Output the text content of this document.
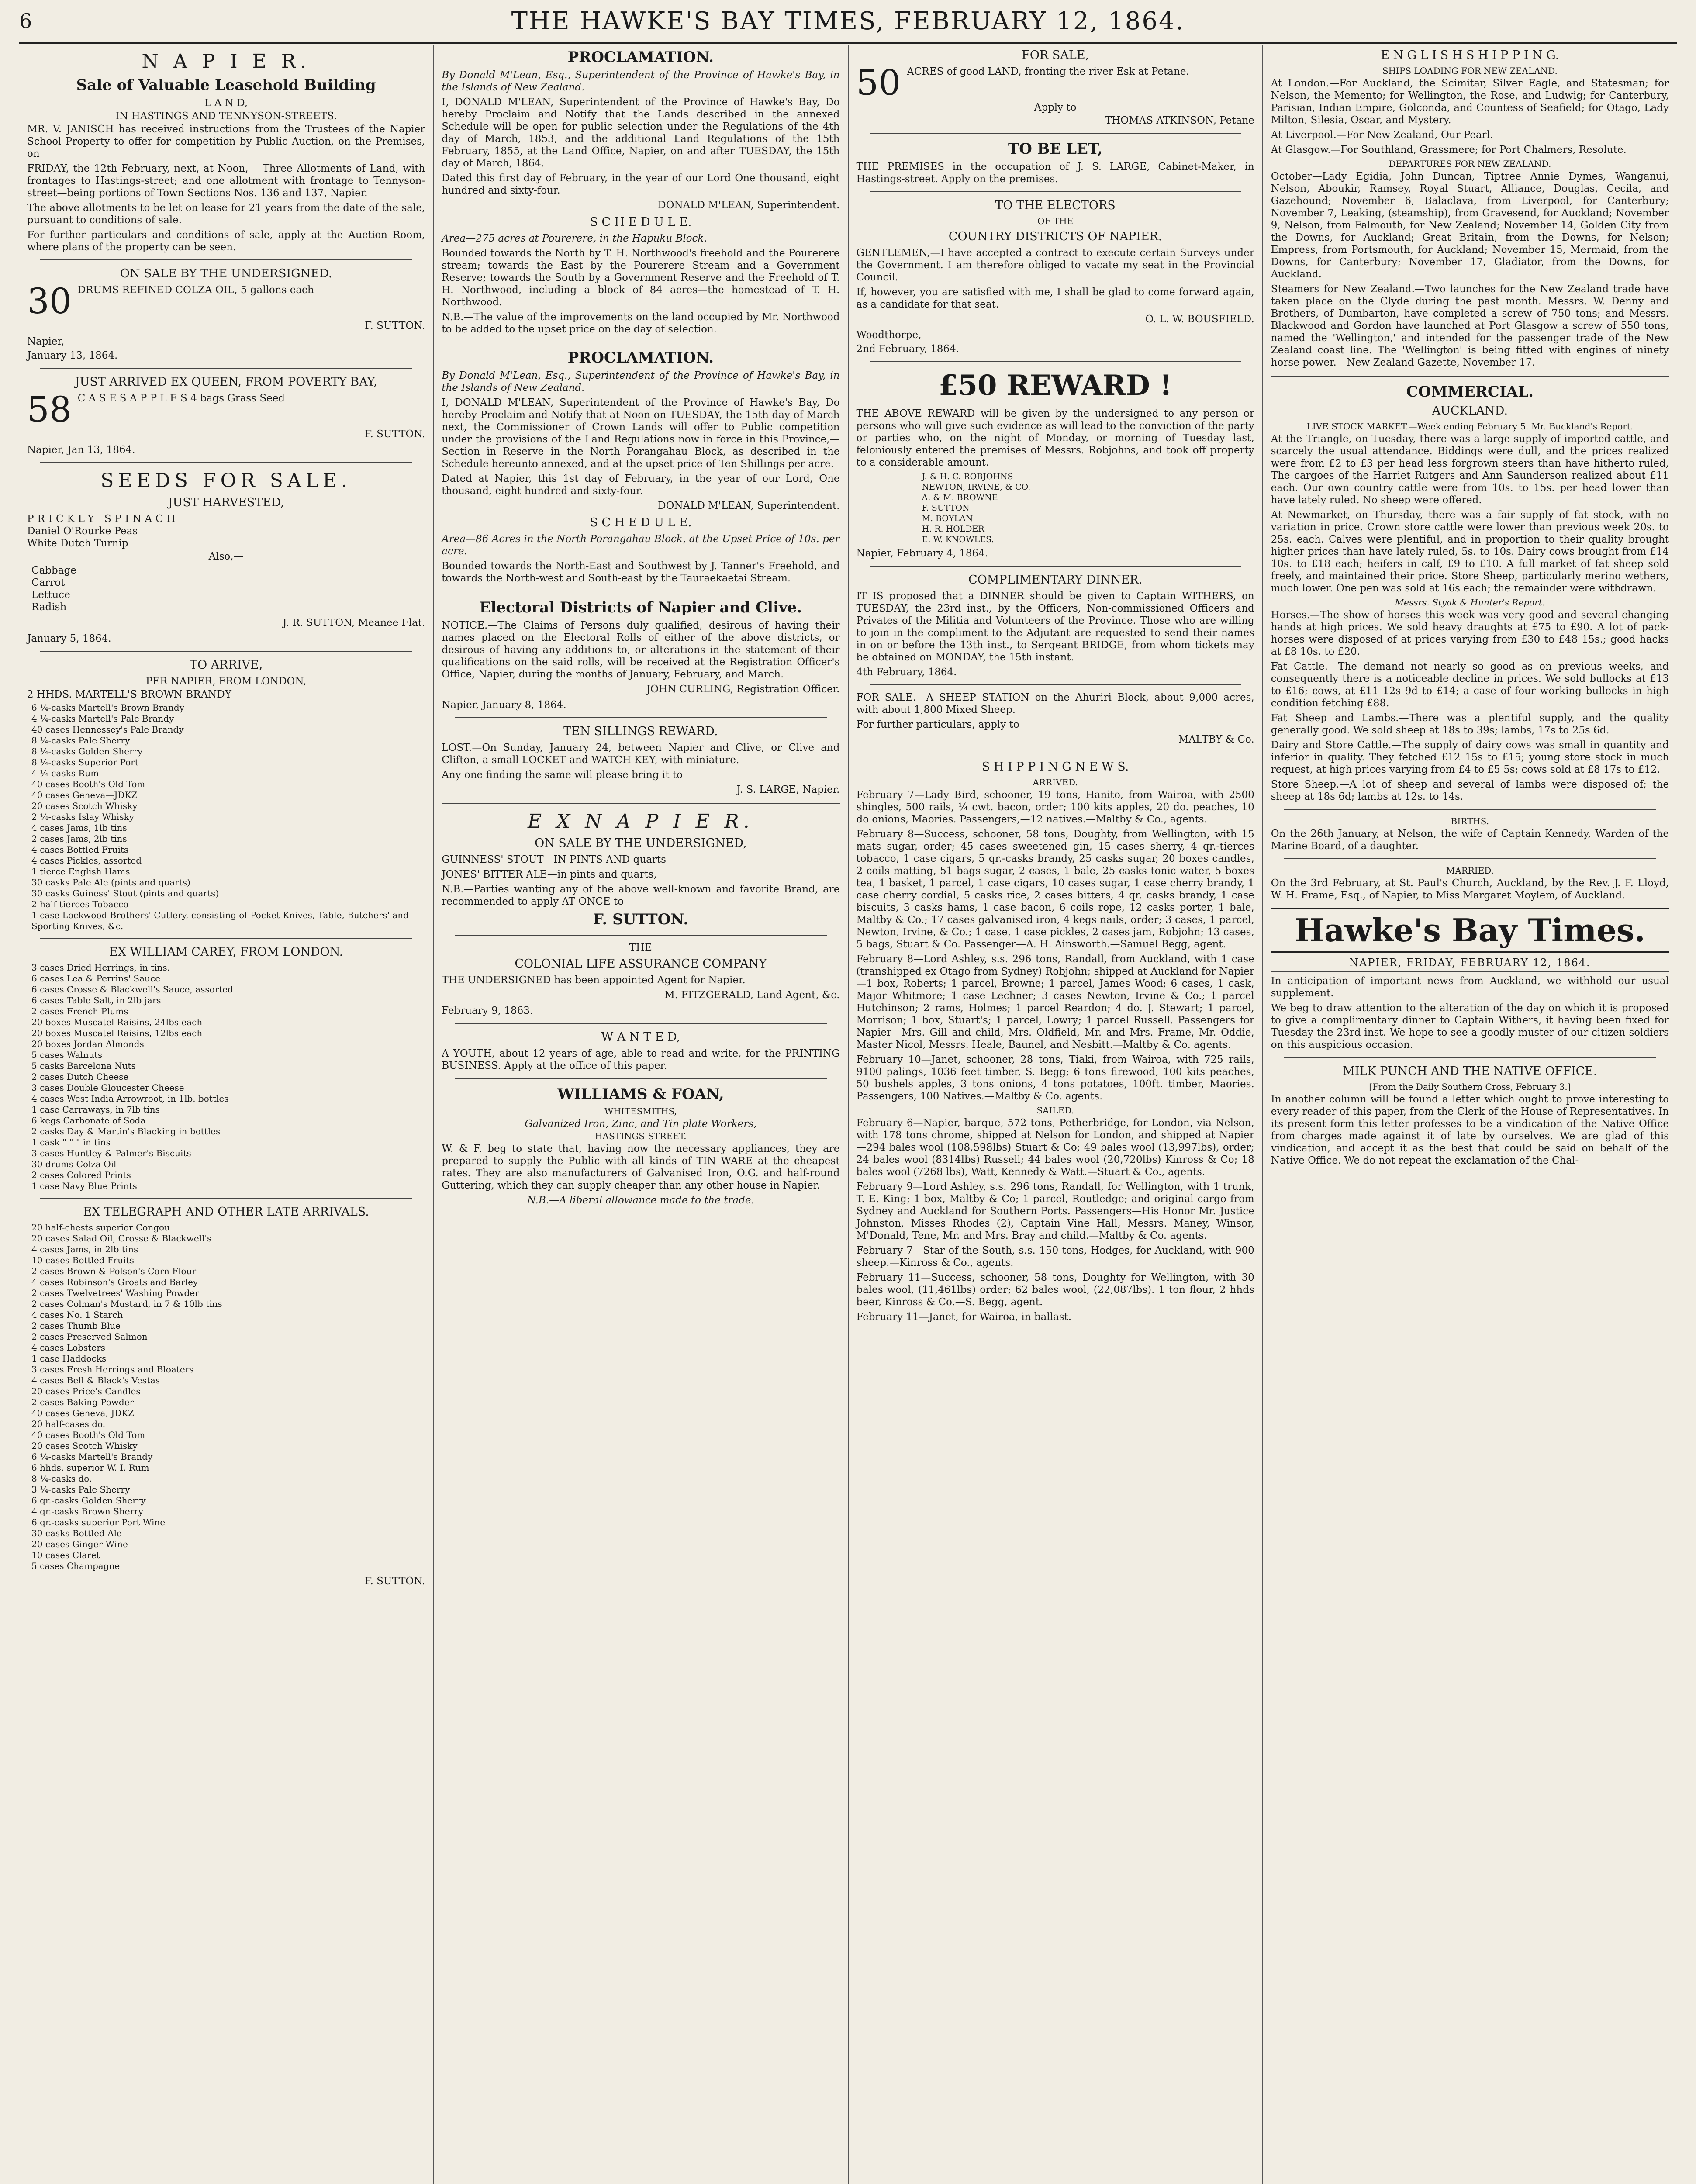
6	THE HAWKE'S BAY TIMES, FEBRUARY 12, 1864.
N A P I E R.
Sale of Valuable Leasehold Building
L A N D,
IN HASTINGS AND TENNYSON-STREETS.

MR. V. JANISCH has received instructions from the Trustees of the Napier School Property to offer for competition by Public Auction, on the Premises, on

FRIDAY, the 12th February, next, at Noon,— Three Allotments of Land, with frontages to Hastings-street; and one allotment with frontage to Tennyson-street—being portions of Town Sections Nos. 136 and 137, Napier.

The above allotments to be let on lease for 21 years from the date of the sale, pursuant to conditions of sale.

For further particulars and conditions of sale, apply at the Auction Room, where plans of the property can be seen.

ON SALE BY THE UNDERSIGNED.
30 DRUMS REFINED COLZA OIL, 5 gallons each

F. SUTTON.
Napier,
January 13, 1864.
JUST ARRIVED EX QUEEN, FROM POVERTY BAY,
58 C A S E S A P P L E S 4 bags Grass Seed

F. SUTTON.
Napier, Jan 13, 1864.
SEEDS FOR SALE.
JUST HARVESTED,
PRICKLY SPINACH
Daniel O'Rourke Peas
White Dutch Turnip
Also,—
Cabbage
Carrot
Lettuce
Radish
J. R. SUTTON, Meanee Flat.
January 5, 1864.
TO ARRIVE,
PER NAPIER, FROM LONDON,
2 HHDS. MARTELL'S BROWN BRANDY
6 ¼-casks Martell's Brown Brandy
4 ¼-casks Martell's Pale Brandy
40 cases Hennessey's Pale Brandy
8 ¼-casks Pale Sherry
8 ¼-casks Golden Sherry
8 ¼-casks Superior Port
4 ¼-casks Rum
40 cases Booth's Old Tom
40 cases Geneva—JDKZ
20 cases Scotch Whisky
2 ¼-casks Islay Whisky
4 cases Jams, 1lb tins
2 cases Jams, 2lb tins
4 cases Bottled Fruits
4 cases Pickles, assorted
1 tierce English Hams
30 casks Pale Ale (pints and quarts)
30 casks Guiness' Stout (pints and quarts)
2 half-tierces Tobacco
1 case Lockwood Brothers' Cutlery, consisting of Pocket Knives, Table, Butchers' and Sporting Knives, &c.
EX WILLIAM CAREY, FROM LONDON.
3 cases Dried Herrings, in tins.
6 cases Lea & Perrins' Sauce
6 cases Crosse & Blackwell's Sauce, assorted
6 cases Table Salt, in 2lb jars
2 cases French Plums
20 boxes Muscatel Raisins, 24lbs each
20 boxes Muscatel Raisins, 12lbs each
20 boxes Jordan Almonds
5 cases Walnuts
5 casks Barcelona Nuts
2 cases Dutch Cheese
3 cases Double Gloucester Cheese
4 cases West India Arrowroot, in 1lb. bottles
1 case Carraways, in 7lb tins
6 kegs Carbonate of Soda
2 casks Day & Martin's Blacking in bottles
1 cask " " " in tins
3 cases Huntley & Palmer's Biscuits
30 drums Colza Oil
2 cases Colored Prints
1 case Navy Blue Prints
EX TELEGRAPH AND OTHER LATE ARRIVALS.
20 half-chests superior Congou
20 cases Salad Oil, Crosse & Blackwell's
4 cases Jams, in 2lb tins
10 cases Bottled Fruits
2 cases Brown & Polson's Corn Flour
4 cases Robinson's Groats and Barley
2 cases Twelvetrees' Washing Powder
2 cases Colman's Mustard, in 7 & 10lb tins
4 cases No. 1 Starch
2 cases Thumb Blue
2 cases Preserved Salmon
4 cases Lobsters
1 case Haddocks
3 cases Fresh Herrings and Bloaters
4 cases Bell & Black's Vestas
20 cases Price's Candles
2 cases Baking Powder
40 cases Geneva, JDKZ
20 half-cases do.
40 cases Booth's Old Tom
20 cases Scotch Whisky
6 ¼-casks Martell's Brandy
6 hhds. superior W. I. Rum
8 ¼-casks do.
3 ¼-casks Pale Sherry
6 qr.-casks Golden Sherry
4 qr.-casks Brown Sherry
6 qr.-casks superior Port Wine
30 casks Bottled Ale
20 cases Ginger Wine
10 cases Claret
5 cases Champagne
F. SUTTON.
PROCLAMATION.

By Donald M'Lean, Esq., Superintendent of the Province of Hawke's Bay, in the Islands of New Zealand.

I, DONALD M'LEAN, Superintendent of the Province of Hawke's Bay, Do hereby Proclaim and Notify that the Lands described in the annexed Schedule will be open for public selection under the Regulations of the 4th day of March, 1853, and the additional Land Regulations of the 15th February, 1855, at the Land Office, Napier, on and after TUESDAY, the 15th day of March, 1864.

Dated this first day of February, in the year of our Lord One thousand, eight hundred and sixty-four.

DONALD M'LEAN, Superintendent.
S C H E D U L E.

Area—275 acres at Pourerere, in the Hapuku Block.

Bounded towards the North by T. H. Northwood's freehold and the Pourerere stream; towards the East by the Pourerere Stream and a Government Reserve; towards the South by a Government Reserve and the Freehold of T. H. Northwood, including a block of 84 acres—the homestead of T. H. Northwood.

N.B.—The value of the improvements on the land occupied by Mr. Northwood to be added to the upset price on the day of selection.

PROCLAMATION.

By Donald M'Lean, Esq., Superintendent of the Province of Hawke's Bay, in the Islands of New Zealand.

I, DONALD M'LEAN, Superintendent of the Province of Hawke's Bay, Do hereby Proclaim and Notify that at Noon on TUESDAY, the 15th day of March next, the Commissioner of Crown Lands will offer to Public competition under the provisions of the Land Regulations now in force in this Province,—Section in Reserve in the North Porangahau Block, as described in the Schedule hereunto annexed, and at the upset price of Ten Shillings per acre.

Dated at Napier, this 1st day of February, in the year of our Lord, One thousand, eight hundred and sixty-four.

DONALD M'LEAN, Superintendent.
S C H E D U L E.

Area—86 Acres in the North Porangahau Block, at the Upset Price of 10s. per acre.

Bounded towards the North-East and Southwest by J. Tanner's Freehold, and towards the North-west and South-east by the Tauraekaetai Stream.

Electoral Districts of Napier and Clive.

NOTICE.—The Claims of Persons duly qualified, desirous of having their names placed on the Electoral Rolls of either of the above districts, or desirous of having any additions to, or alterations in the statement of their qualifications on the said rolls, will be received at the Registration Officer's Office, Napier, during the months of January, February, and March.

JOHN CURLING, Registration Officer.
Napier, January 8, 1864.
TEN SILLINGS REWARD.

LOST.—On Sunday, January 24, between Napier and Clive, or Clive and Clifton, a small LOCKET and WATCH KEY, with miniature.

Any one finding the same will please bring it to

J. S. LARGE, Napier.
E X N A P I E R.
ON SALE BY THE UNDERSIGNED,

GUINNESS' STOUT—IN PINTS AND quarts

JONES' BITTER ALE—in pints and quarts,

N.B.—Parties wanting any of the above well-known and favorite Brand, are recommended to apply AT ONCE to

F. SUTTON.
THE
COLONIAL LIFE ASSURANCE COMPANY

THE UNDERSIGNED has been appointed Agent for Napier.

M. FITZGERALD, Land Agent, &c.
February 9, 1863.
W A N T E D,

A YOUTH, about 12 years of age, able to read and write, for the PRINTING BUSINESS. Apply at the office of this paper.

WILLIAMS & FOAN,
WHITESMITHS,
Galvanized Iron, Zinc, and Tin plate Workers,
HASTINGS-STREET.

W. & F. beg to state that, having now the necessary appliances, they are prepared to supply the Public with all kinds of TIN WARE at the cheapest rates. They are also manufacturers of Galvanised Iron, O.G. and half-round Guttering, which they can supply cheaper than any other house in Napier.

N.B.—A liberal allowance made to the trade.
FOR SALE,
50 ACRES of good LAND, fronting the river Esk at Petane.

Apply to
THOMAS ATKINSON, Petane
TO BE LET,

THE PREMISES in the occupation of J. S. LARGE, Cabinet-Maker, in Hastings-street. Apply on the premises.

TO THE ELECTORS
OF THE
COUNTRY DISTRICTS OF NAPIER.

GENTLEMEN,—I have accepted a contract to execute certain Surveys under the Government. I am therefore obliged to vacate my seat in the Provincial Council.

If, however, you are satisfied with me, I shall be glad to come forward again, as a candidate for that seat.

O. L. W. BOUSFIELD.
Woodthorpe,
2nd February, 1864.
£50 REWARD !

THE ABOVE REWARD will be given by the undersigned to any person or persons who will give such evidence as will lead to the conviction of the party or parties who, on the night of Monday, or morning of Tuesday last, feloniously entered the premises of Messrs. Robjohns, and took off property to a considerable amount.

J. & H. C. ROBJOHNS
NEWTON, IRVINE, & CO.
A. & M. BROWNE
F. SUTTON
M. BOYLAN
H. R. HOLDER
E. W. KNOWLES.
Napier, February 4, 1864.
COMPLIMENTARY DINNER.

IT IS proposed that a DINNER should be given to Captain WITHERS, on TUESDAY, the 23rd inst., by the Officers, Non-commissioned Officers and Privates of the Militia and Volunteers of the Province. Those who are willing to join in the compliment to the Adjutant are requested to send their names in on or before the 13th inst., to Sergeant BRIDGE, from whom tickets may be obtained on MONDAY, the 15th instant.

4th February, 1864.

FOR SALE.—A SHEEP STATION on the Ahuriri Block, about 9,000 acres, with about 1,800 Mixed Sheep.

For further particulars, apply to

MALTBY & Co.
S H I P P I N G N E W S.
ARRIVED.

February 7—Lady Bird, schooner, 19 tons, Hanito, from Wairoa, with 2500 shingles, 500 rails, ¼ cwt. bacon, order; 100 kits apples, 20 do. peaches, 10 do onions, Maories. Passengers,—12 natives.—Maltby & Co., agents.

February 8—Success, schooner, 58 tons, Doughty, from Wellington, with 15 mats sugar, order; 45 cases sweetened gin, 15 cases sherry, 4 qr.-tierces tobacco, 1 case cigars, 5 qr.-casks brandy, 25 casks sugar, 20 boxes candles, 2 coils matting, 51 bags sugar, 2 cases, 1 bale, 25 casks tonic water, 5 boxes tea, 1 basket, 1 parcel, 1 case cigars, 10 cases sugar, 1 case cherry brandy, 1 case cherry cordial, 5 casks rice, 2 cases bitters, 4 qr. casks brandy, 1 case biscuits, 3 casks hams, 1 case bacon, 6 coils rope, 12 casks porter, 1 bale, Maltby & Co.; 17 cases galvanised iron, 4 kegs nails, order; 3 cases, 1 parcel, Newton, Irvine, & Co.; 1 case, 1 case pickles, 2 cases jam, Robjohn; 13 cases, 5 bags, Stuart & Co. Passenger—A. H. Ainsworth.—Samuel Begg, agent.

February 8—Lord Ashley, s.s. 296 tons, Randall, from Auckland, with 1 case (transhipped ex Otago from Sydney) Robjohn; shipped at Auckland for Napier—1 box, Roberts; 1 parcel, Browne; 1 parcel, James Wood; 6 cases, 1 cask, Major Whitmore; 1 case Lechner; 3 cases Newton, Irvine & Co.; 1 parcel Hutchinson; 2 rams, Holmes; 1 parcel Reardon; 4 do. J. Stewart; 1 parcel, Morrison; 1 box, Stuart's; 1 parcel, Lowry; 1 parcel Russell. Passengers for Napier—Mrs. Gill and child, Mrs. Oldfield, Mr. and Mrs. Frame, Mr. Oddie, Master Nicol, Messrs. Heale, Baunel, and Nesbitt.—Maltby & Co. agents.

February 10—Janet, schooner, 28 tons, Tiaki, from Wairoa, with 725 rails, 9100 palings, 1036 feet timber, S. Begg; 6 tons firewood, 100 kits peaches, 50 bushels apples, 3 tons onions, 4 tons potatoes, 100ft. timber, Maories. Passengers, 100 Natives.—Maltby & Co. agents.

SAILED.

February 6—Napier, barque, 572 tons, Petherbridge, for London, via Nelson, with 178 tons chrome, shipped at Nelson for London, and shipped at Napier—294 bales wool (108,598lbs) Stuart & Co; 49 bales wool (13,997lbs), order; 24 bales wool (8314lbs) Russell; 44 bales wool (20,720lbs) Kinross & Co; 18 bales wool (7268 lbs), Watt, Kennedy & Watt.—Stuart & Co., agents.

February 9—Lord Ashley, s.s. 296 tons, Randall, for Wellington, with 1 trunk, T. E. King; 1 box, Maltby & Co; 1 parcel, Routledge; and original cargo from Sydney and Auckland for Southern Ports. Passengers—His Honor Mr. Justice Johnston, Misses Rhodes (2), Captain Vine Hall, Messrs. Maney, Winsor, M'Donald, Tene, Mr. and Mrs. Bray and child.—Maltby & Co. agents.

February 7—Star of the South, s.s. 150 tons, Hodges, for Auckland, with 900 sheep.—Kinross & Co., agents.

February 11—Success, schooner, 58 tons, Doughty for Wellington, with 30 bales wool, (11,461lbs) order; 62 bales wool, (22,087lbs). 1 ton flour, 2 hhds beer, Kinross & Co.—S. Begg, agent.

February 11—Janet, for Wairoa, in ballast.

E N G L I S H S H I P P I N G.
SHIPS LOADING FOR NEW ZEALAND.

At London.—For Auckland, the Scimitar, Silver Eagle, and Statesman; for Nelson, the Memento; for Wellington, the Rose, and Ludwig; for Canterbury, Parisian, Indian Empire, Golconda, and Countess of Seafield; for Otago, Lady Milton, Silesia, Oscar, and Mystery.

At Liverpool.—For New Zealand, Our Pearl.

At Glasgow.—For Southland, Grassmere; for Port Chalmers, Resolute.

DEPARTURES FOR NEW ZEALAND.

October—Lady Egidia, John Duncan, Tiptree Annie Dymes, Wanganui, Nelson, Aboukir, Ramsey, Royal Stuart, Alliance, Douglas, Cecila, and Gazehound; November 6, Balaclava, from Liverpool, for Canterbury; November 7, Leaking, (steamship), from Gravesend, for Auckland; November 9, Nelson, from Falmouth, for New Zealand; November 14, Golden City from the Downs, for Auckland; Great Britain, from the Downs, for Nelson; Empress, from Portsmouth, for Auckland; November 15, Mermaid, from the Downs, for Canterbury; November 17, Gladiator, from the Downs, for Auckland.

Steamers for New Zealand.—Two launches for the New Zealand trade have taken place on the Clyde during the past month. Messrs. W. Denny and Brothers, of Dumbarton, have completed a screw of 750 tons; and Messrs. Blackwood and Gordon have launched at Port Glasgow a screw of 550 tons, named the 'Wellington,' and intended for the passenger trade of the New Zealand coast line. The 'Wellington' is being fitted with engines of ninety horse power.—New Zealand Gazette, November 17.

COMMERCIAL.
AUCKLAND.
LIVE STOCK MARKET.—Week ending February 5. Mr. Buckland's Report.

At the Triangle, on Tuesday, there was a large supply of imported cattle, and scarcely the usual attendance. Biddings were dull, and the prices realized were from £2 to £3 per head less forgrown steers than have hitherto ruled, The cargoes of the Harriet Rutgers and Ann Saunderson realized about £11 each. Our own country cattle were from 10s. to 15s. per head lower than have lately ruled. No sheep were offered.

At Newmarket, on Thursday, there was a fair supply of fat stock, with no variation in price. Crown store cattle were lower than previous week 20s. to 25s. each. Calves were plentiful, and in proportion to their quality brought higher prices than have lately ruled, 5s. to 10s. Dairy cows brought from £14 10s. to £18 each; heifers in calf, £9 to £10. A full market of fat sheep sold freely, and maintained their price. Store Sheep, particularly merino wethers, much lower. One pen was sold at 16s each; the remainder were withdrawn.

Messrs. Styak & Hunter's Report.

Horses.—The show of horses this week was very good and several changing hands at high prices. We sold heavy draughts at £75 to £90. A lot of pack-horses were disposed of at prices varying from £30 to £48 15s.; good hacks at £8 10s. to £20.

Fat Cattle.—The demand not nearly so good as on previous weeks, and consequently there is a noticeable decline in prices. We sold bullocks at £13 to £16; cows, at £11 12s 9d to £14; a case of four working bullocks in high condition fetching £88.

Fat Sheep and Lambs.—There was a plentiful supply, and the quality generally good. We sold sheep at 18s to 39s; lambs, 17s to 25s 6d.

Dairy and Store Cattle.—The supply of dairy cows was small in quantity and inferior in quality. They fetched £12 15s to £15; young store stock in much request, at high prices varying from £4 to £5 5s; cows sold at £8 17s to £12.

Store Sheep.—A lot of sheep and several of lambs were disposed of; the sheep at 18s 6d; lambs at 12s. to 14s.

BIRTHS.

On the 26th January, at Nelson, the wife of Captain Kennedy, Warden of the Marine Board, of a daughter.

MARRIED.

On the 3rd February, at St. Paul's Church, Auckland, by the Rev. J. F. Lloyd, W. H. Frame, Esq., of Napier, to Miss Margaret Moylem, of Auckland.

Hawke's Bay Times.
NAPIER, FRIDAY, FEBRUARY 12, 1864.

In anticipation of important news from Auckland, we withhold our usual supplement.

We beg to draw attention to the alteration of the day on which it is proposed to give a complimentary dinner to Captain Withers, it having been fixed for Tuesday the 23rd inst. We hope to see a goodly muster of our citizen soldiers on this auspicious occasion.

MILK PUNCH AND THE NATIVE OFFICE.
[From the Daily Southern Cross, February 3.]

In another column will be found a letter which ought to prove interesting to every reader of this paper, from the Clerk of the House of Representatives. In its present form this letter professes to be a vindication of the Native Office from charges made against it of late by ourselves. We are glad of this vindication, and accept it as the best that could be said on behalf of the Native Office. We do not repeat the exclamation of the Chal-
